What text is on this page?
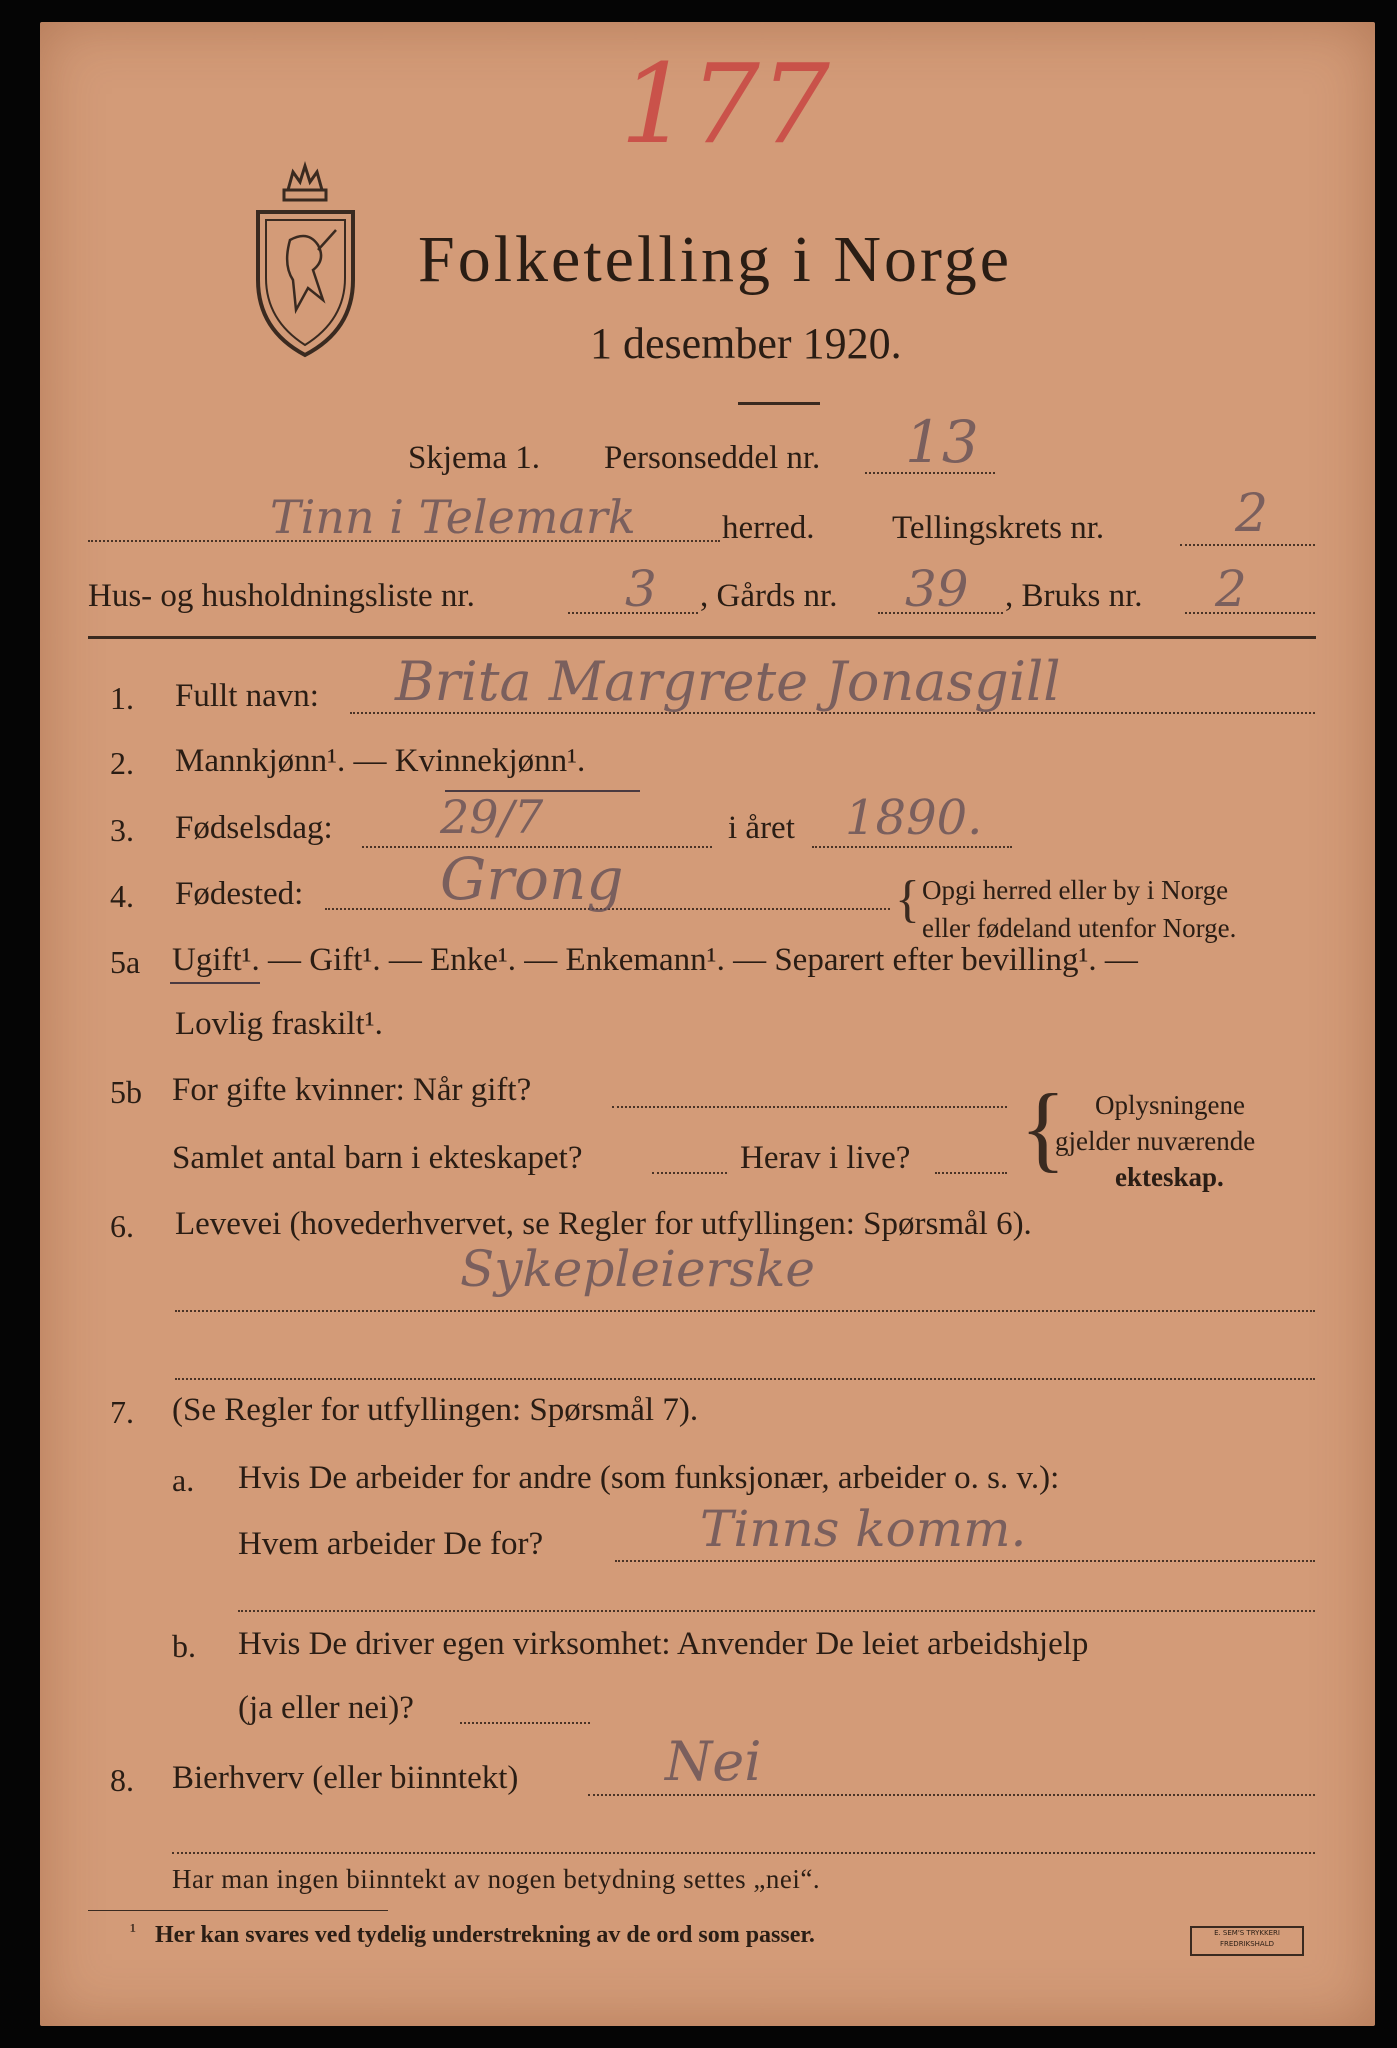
177
Folketelling i Norge
1 desember 1920.
Skjema 1. Personseddel nr. 13
Tinn i Telemark	herred. Tellingskrets nr.	2
Hus- og husholdningsliste nr.	3 , Gårds nr. 39 , Bruks nr. 2
1. Fullt navn: Brita Margrete Jonasgill
2. Mannkjønn¹. — Kvinnekjønn¹.
3. Fødselsdag: 29/7	i året 1890.
4. Fødested: Grong	{ Opgi herred eller by i Norge
eller fødeland utenfor Norge.
5a Ugift¹. — Gift¹. — Enke¹. — Enkemann¹. — Separert efter bevilling¹. —
Lovlig fraskilt¹.
5b For gifte kvinner: Når gift?
Samlet antal barn i ekteskapet?	Herav i live? { Oplysningene
gjelder nuværende
ekteskap.
6. Levevei (hovederhvervet, se Regler for utfyllingen: Spørsmål 6).
Sykepleierske
7. (Se Regler for utfyllingen: Spørsmål 7).
a. Hvis De arbeider for andre (som funksjonær, arbeider o. s. v.):
Hvem arbeider De for?	Tinns komm.
b. Hvis De driver egen virksomhet: Anvender De leiet arbeidshjelp
(ja eller nei)?
8. Bierhverv (eller biinntekt)	Nei
Har man ingen biinntekt av nogen betydning settes „nei“.
¹ Her kan svares ved tydelig understrekning av de ord som passer.	E. SEM'S TRYKKERI
FREDRIKSHALD
